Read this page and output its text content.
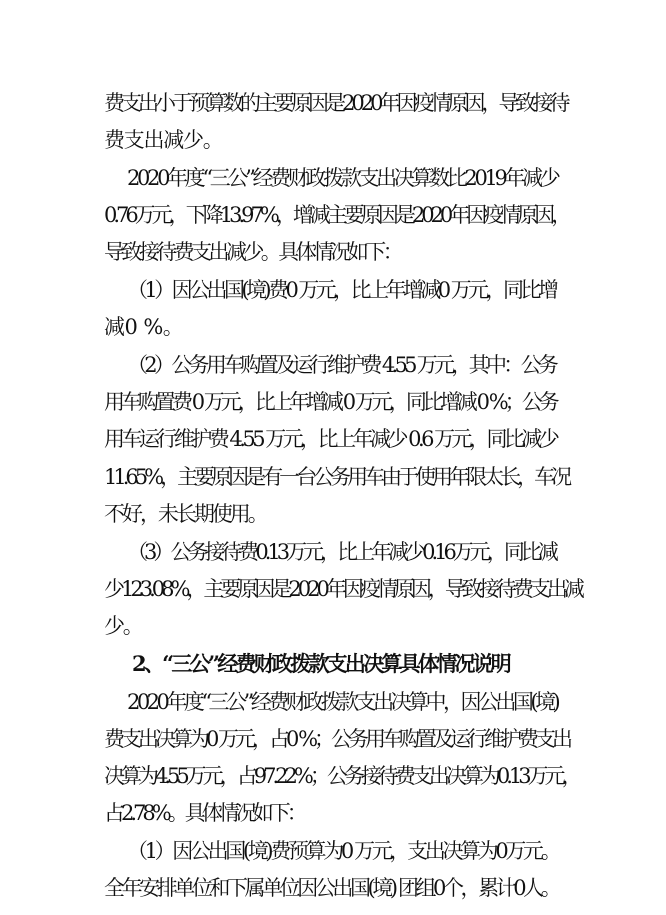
费支出小于预算数的主要原因是2020年因疫情原因，导致接待

费支出减少。

2020年度“三公”经费财政拨款支出决算数比2019年减少

0.76万元，下降13.97%，增减主要原因是2020年因疫情原因，

导致接待费支出减少。具体情况如下：

（1）因公出国(境)费0 万元，比上年增减0 万元，同比增

减0 %。

（2）公务用车购置及运行维护费 4.55 万元，其中：公务

用车购置费 0 万元，比上年增减 0 万元，同比增减 0 %；公务

用车运行维护费 4.55 万元，比上年减少 0.6 万元，同比减少

11.65%，主要原因是有一台公务用车由于使用年限太长，车况

不好，未长期使用。

（3）公务接待费0.13万元，比上年减少0.16万元，同比减

少123.08%，主要原因是2020年因疫情原因，导致接待费支出减

少。

2、“三公”经费财政拨款支出决算具体情况说明

2020年度“三公”经费财政拨款支出决算中，因公出国(境)

费支出决算为0 万元，占0 %；公务用车购置及运行维护费支出

决算为4.55万元，占97.22%；公务接待费支出决算为0.13万元，

占2.78%。具体情况如下：

（1）因公出国(境)费预算为0 万元，支出决算为0万元。

全年安排单位和下属单位因公出国(境) 团组0个，累计0人。
